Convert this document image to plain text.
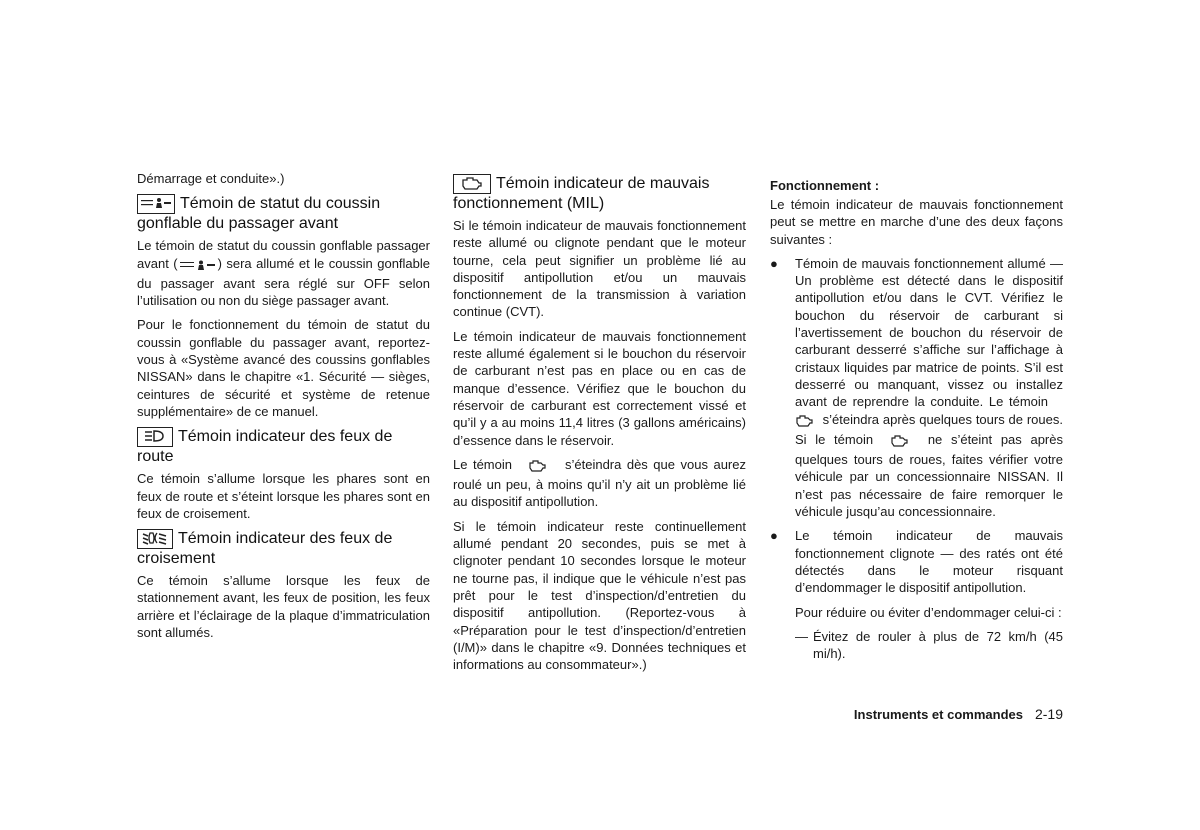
Démarrage et conduite».)

Témoin de statut du coussin gonflable du passager avant

Le témoin de statut du coussin gonflable passager avant (	) sera allumé et le coussin gonflable du passager avant sera réglé sur OFF selon l’utilisation ou non du siège passager avant.

Pour le fonctionnement du témoin de statut du coussin gonflable du passager avant, reportez-vous à «Système avancé des coussins gonflables NISSAN» dans le chapitre «1. Sécurité — sièges, ceintures de sécurité et système de retenue supplémentaire» de ce manuel.

Témoin indicateur des feux de route

Ce témoin s’allume lorsque les phares sont en feux de route et s’éteint lorsque les phares sont en feux de croisement.

Témoin indicateur des feux de croisement

Ce témoin s’allume lorsque les feux de stationnement avant, les feux de position, les feux arrière et l’éclairage de la plaque d’immatriculation sont allumés.

Témoin indicateur de mauvais fonctionnement (MIL)

Si le témoin indicateur de mauvais fonctionnement reste allumé ou clignote pendant que le moteur tourne, cela peut signifier un problème lié au dispositif antipollution et/ou un mauvais fonctionnement de la transmission à variation continue (CVT).

Le témoin indicateur de mauvais fonctionnement reste allumé également si le bouchon du réservoir de carburant n’est pas en place ou en cas de manque d’essence. Vérifiez que le bouchon du réservoir de carburant est correctement vissé et qu’il y a au moins 11,4 litres (3 gallons américains) d’essence dans le réservoir.

Le témoin	s’éteindra dès que vous aurez roulé un peu, à moins qu’il n’y ait un problème lié au dispositif antipollution.

Si le témoin indicateur reste continuellement allumé pendant 20 secondes, puis se met à clignoter pendant 10 secondes lorsque le moteur ne tourne pas, il indique que le véhicule n’est pas prêt pour le test d’inspection/d’entretien du dispositif antipollution. (Reportez-vous à «Préparation pour le test d’inspection/d’entretien (I/M)» dans le chapitre «9. Données techniques et informations au consommateur».)

Fonctionnement :

Le témoin indicateur de mauvais fonctionnement peut se mettre en marche d’une des deux façons suivantes :

● Témoin de mauvais fonctionnement allumé — Un problème est détecté dans le dispositif antipollution et/ou dans le CVT. Vérifiez le bouchon du réservoir de carburant si l’avertissement de bouchon du réservoir de carburant desserré s’affiche sur l’affichage à cristaux liquides par matrice de points. S’il est desserré ou manquant, vissez ou installez avant de reprendre la conduite. Le témoin     s’éteindra après quelques tours de roues. Si le témoin	ne s’éteint pas après quelques tours de roues, faites vérifier votre véhicule par un concessionnaire NISSAN. Il n’est pas nécessaire de faire remorquer le véhicule jusqu’au concessionnaire.

● Le témoin indicateur de mauvais fonctionnement clignote — des ratés ont été détectés dans le moteur risquant d’endommager le dispositif antipollution.

Pour réduire ou éviter d’endommager celui-ci :

— Évitez de rouler à plus de 72 km/h (45 mi/h).

Instruments et commandes 2-19
